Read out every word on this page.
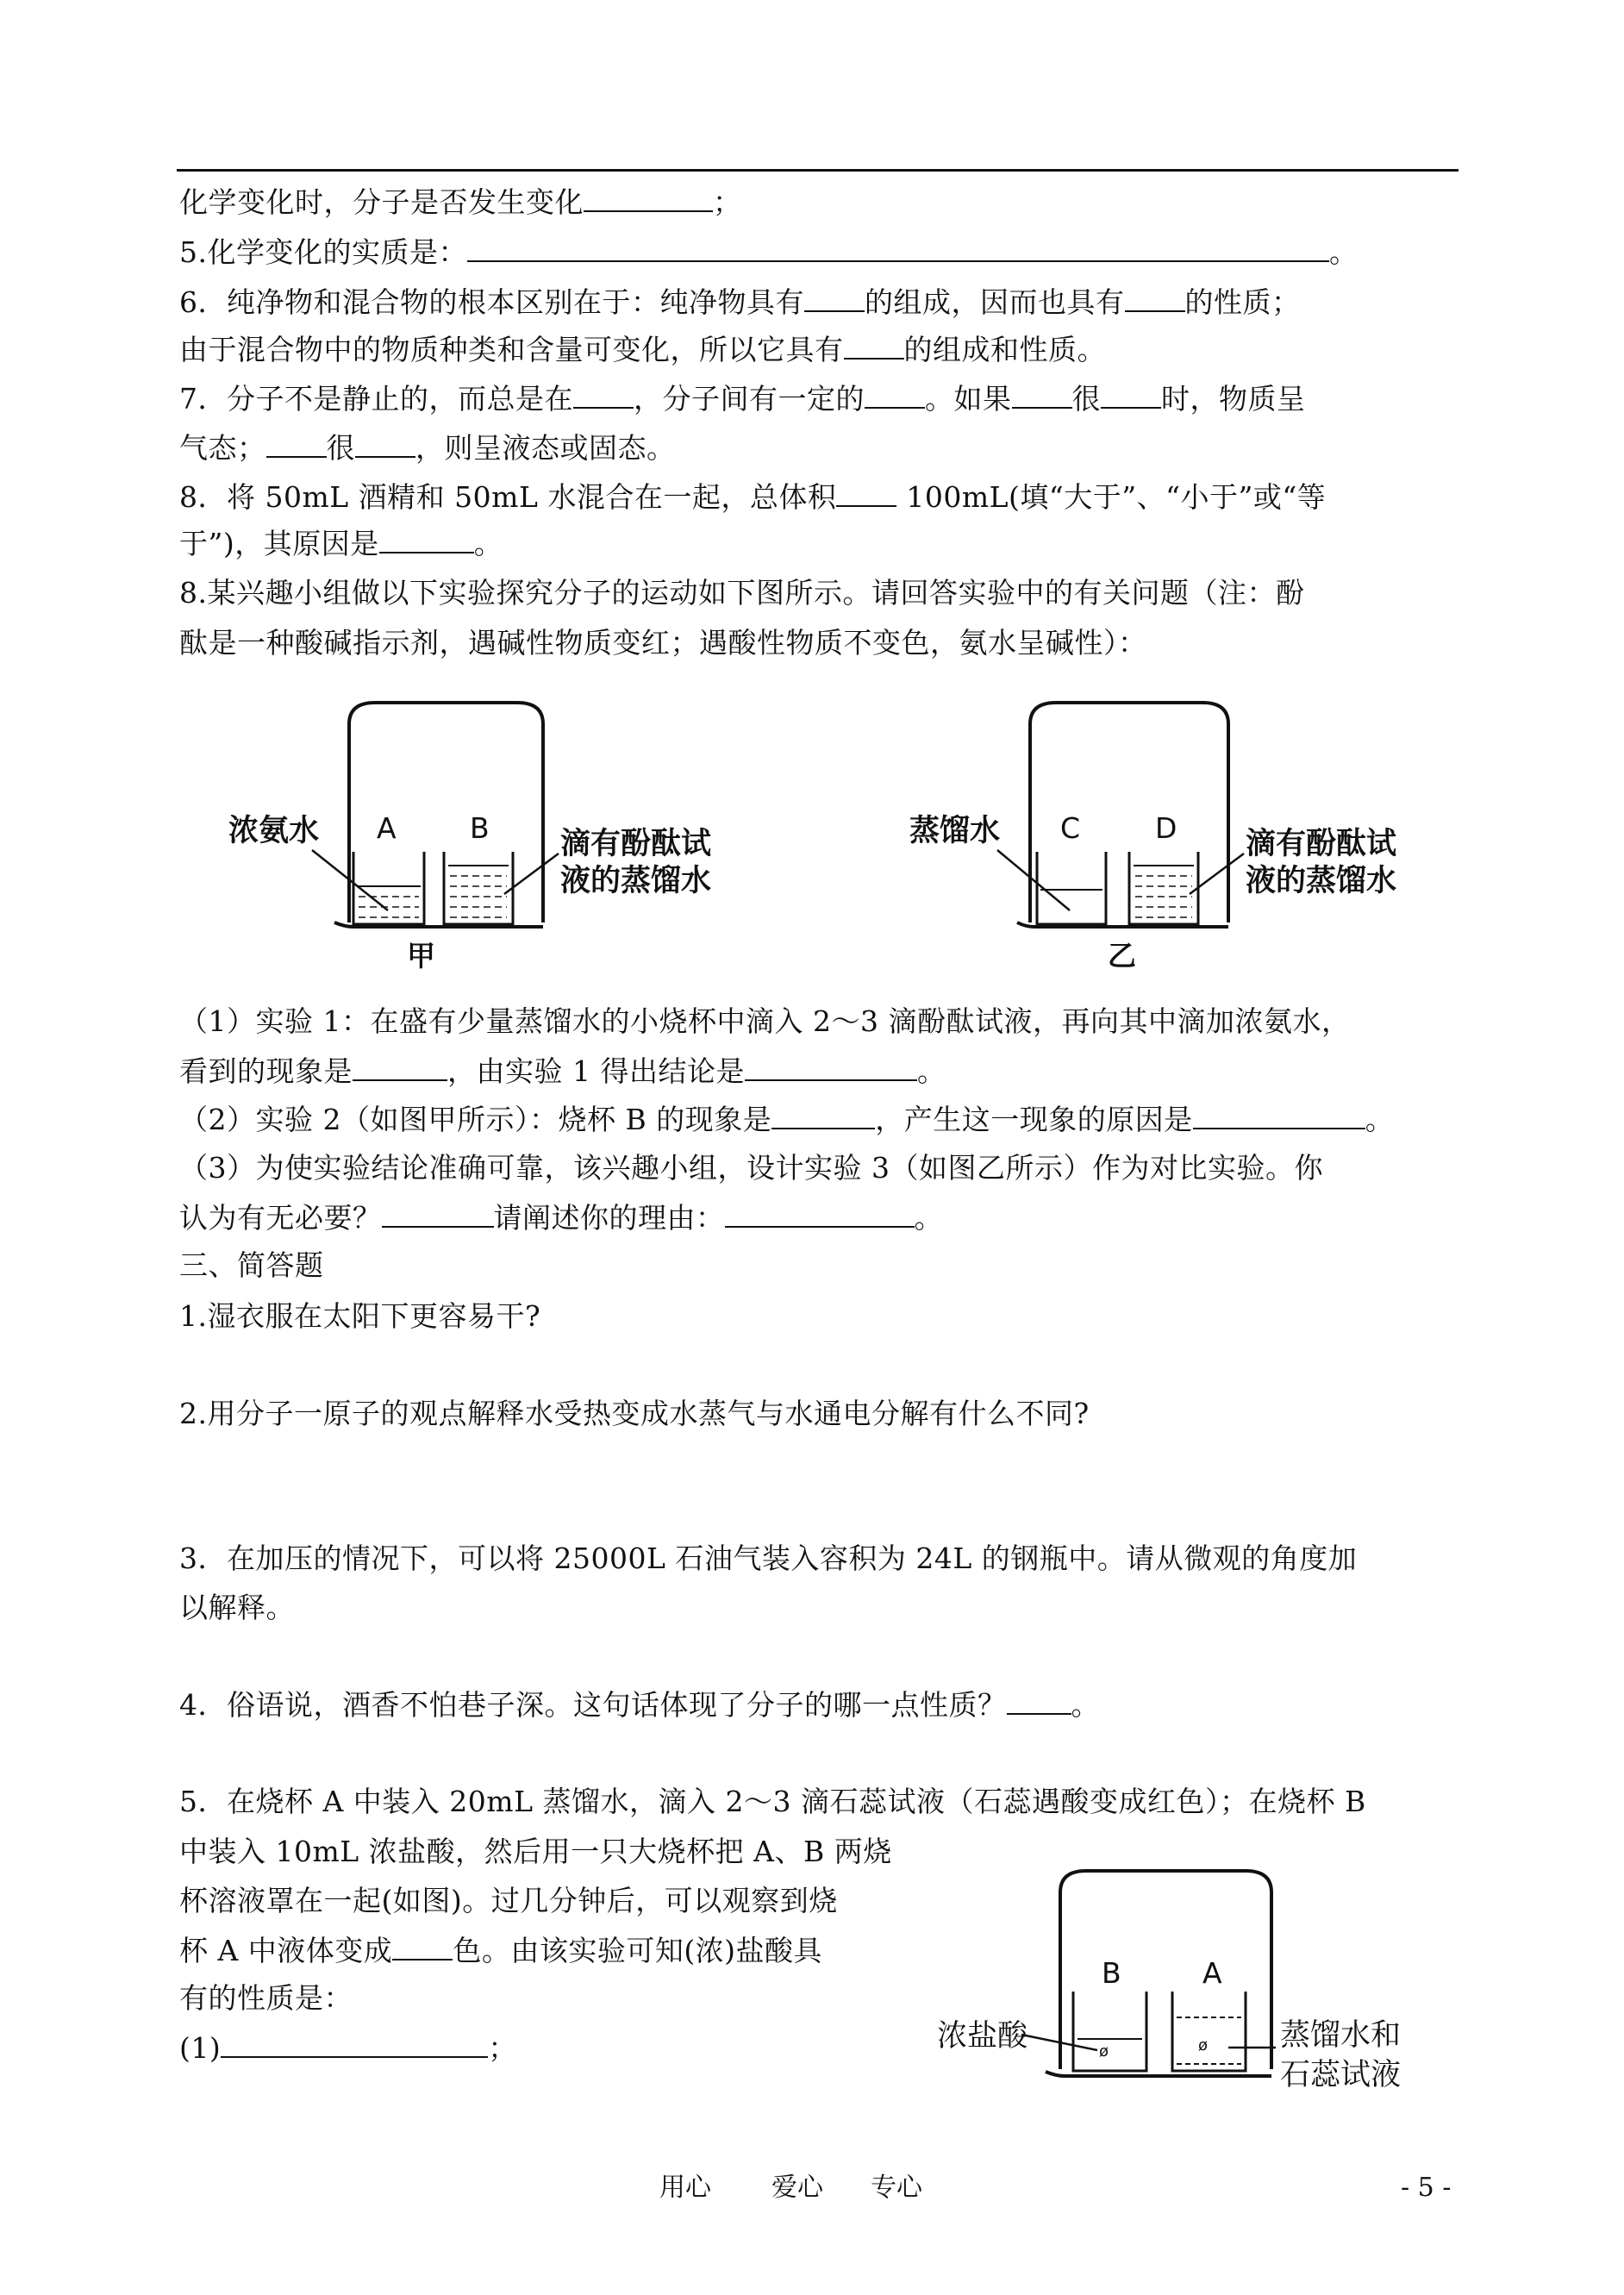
化学变化时，分子是否发生变化	；
5.化学变化的实质是：	。
6．纯净物和混合物的根本区别在于：纯净物具有 的组成，因而也具有 的性质；
由于混合物中的物质种类和含量可变化，所以它具有 的组成和性质。
7．分子不是静止的，而总是在 ，分子间有一定的 。如果 很 时，物质呈
气态； 很 ，则呈液态或固态。
8．将 50mL 酒精和 50mL 水混合在一起，总体积 100mL(填“大于”、“小于”或“等
于”)，其原因是	。
8.某兴趣小组做以下实验探究分子的运动如下图所示。请回答实验中的有关问题（注：酚
酞是一种酸碱指示剂，遇碱性物质变红；遇酸性物质不变色，氨水呈碱性）：
浓氨水 A	B 滴有酚酞试
液的蒸馏水
甲
蒸馏水 C	D 滴有酚酞试
液的蒸馏水
乙
（1）实验 1：在盛有少量蒸馏水的小烧杯中滴入 2～3 滴酚酞试液，再向其中滴加浓氨水，
看到的现象是	，由实验 1 得出结论是	。
（2）实验 2（如图甲所示）：烧杯 B 的现象是	，产生这一现象的原因是	。
（3）为使实验结论准确可靠，该兴趣小组，设计实验 3（如图乙所示）作为对比实验。你
认为有无必要？	请阐述你的理由：	。
三、简答题
1.湿衣服在太阳下更容易干?
2.用分子一原子的观点解释水受热变成水蒸气与水通电分解有什么不同?
3．在加压的情况下，可以将 25000L 石油气装入容积为 24L 的钢瓶中。请从微观的角度加
以解释。
4．俗语说，酒香不怕巷子深。这句话体现了分子的哪一点性质？ 。
5．在烧杯 A 中装入 20mL 蒸馏水，滴入 2～3 滴石蕊试液（石蕊遇酸变成红色）；在烧杯 B
中装入 10mL 浓盐酸，然后用一只大烧杯把 A、B 两烧
杯溶液罩在一起(如图)。过几分钟后，可以观察到烧
杯 A 中液体变成 色。由该实验可知(浓)盐酸具
有的性质是：
(1)	；	ø	ø
B	A
浓盐酸	蒸馏水和
石蕊试液
用心 爱心 专心	- 5 -
